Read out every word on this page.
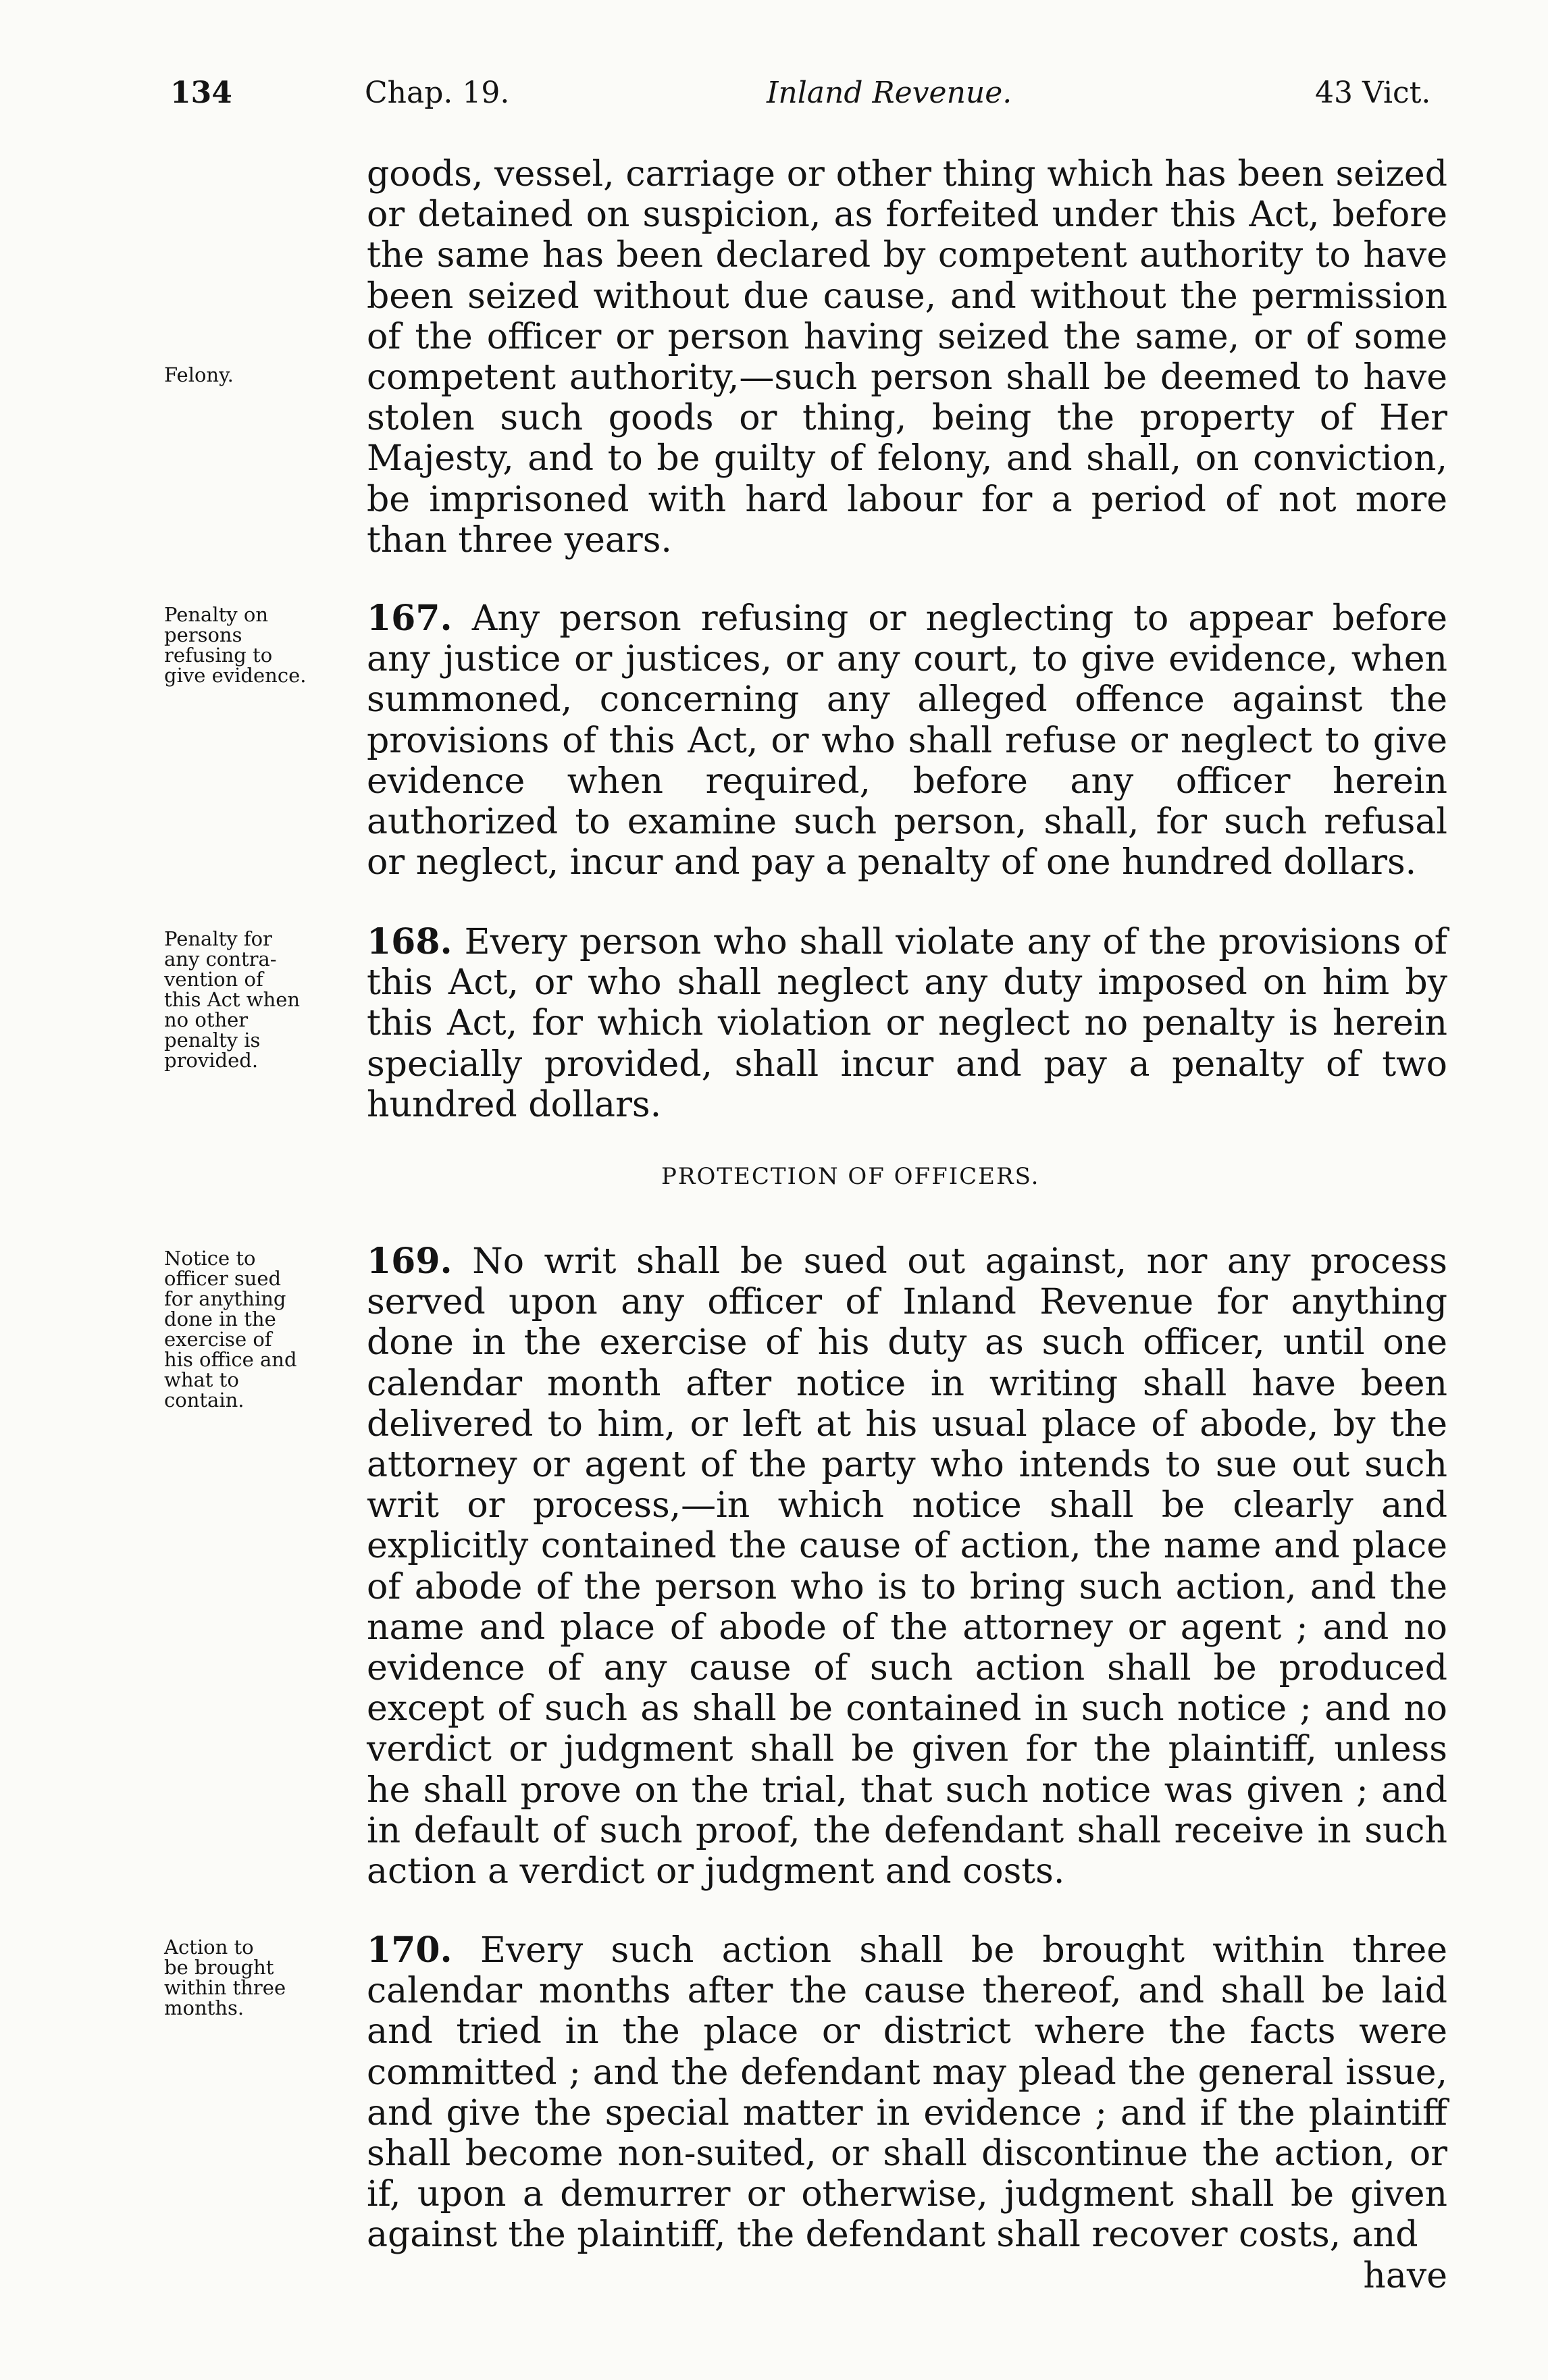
134	Chap. 19.	Inland Revenue.	43 Vict.

goods, vessel, carriage or other thing which has been seized or detained on suspicion, as forfeited under this Act, before the same has been declared by competent authority to have been seized without due cause, and without the permission of the officer or person having seized the same, or of some competent authority,—such person shall be deemed to have stolen such goods or thing, being the property of Her Majesty, and to be guilty of felony, and shall, on conviction, be imprisoned with hard labour for a period of not more than three years.

Felony.

167. Any person refusing or neglecting to appear before any justice or justices, or any court, to give evidence, when summoned, concerning any alleged offence against the provisions of this Act, or who shall refuse or neglect to give evidence when required, before any officer herein authorized to examine such person, shall, for such refusal or neglect, incur and pay a penalty of one hundred dollars.

Penalty on
persons
refusing to
give evidence.

168. Every person who shall violate any of the provisions of this Act, or who shall neglect any duty imposed on him by this Act, for which violation or neglect no penalty is herein specially provided, shall incur and pay a penalty of two hundred dollars.

Penalty for
any contra-
vention of
this Act when
no other
penalty is
provided.
PROTECTION OF OFFICERS.

169. No writ shall be sued out against, nor any process served upon any officer of Inland Revenue for anything done in the exercise of his duty as such officer, until one calendar month after notice in writing shall have been delivered to him, or left at his usual place of abode, by the attorney or agent of the party who intends to sue out such writ or process,—in which notice shall be clearly and explicitly contained the cause of action, the name and place of abode of the person who is to bring such action, and the name and place of abode of the attorney or agent ; and no evidence of any cause of such action shall be produced except of such as shall be contained in such notice ; and no verdict or judgment shall be given for the plaintiff, unless he shall prove on the trial, that such notice was given ; and in default of such proof, the defendant shall receive in such action a verdict or judgment and costs.

Notice to
officer sued
for anything
done in the
exercise of
his office and
what to
contain.

170. Every such action shall be brought within three calendar months after the cause thereof, and shall be laid and tried in the place or district where the facts were committed ; and the defendant may plead the general issue, and give the special matter in evidence ; and if the plaintiff shall become non-suited, or shall discontinue the action, or if, upon a demurrer or otherwise, judgment shall be given against the plaintiff, the defendant shall recover costs, and

have

Action to
be brought
within three
months.
